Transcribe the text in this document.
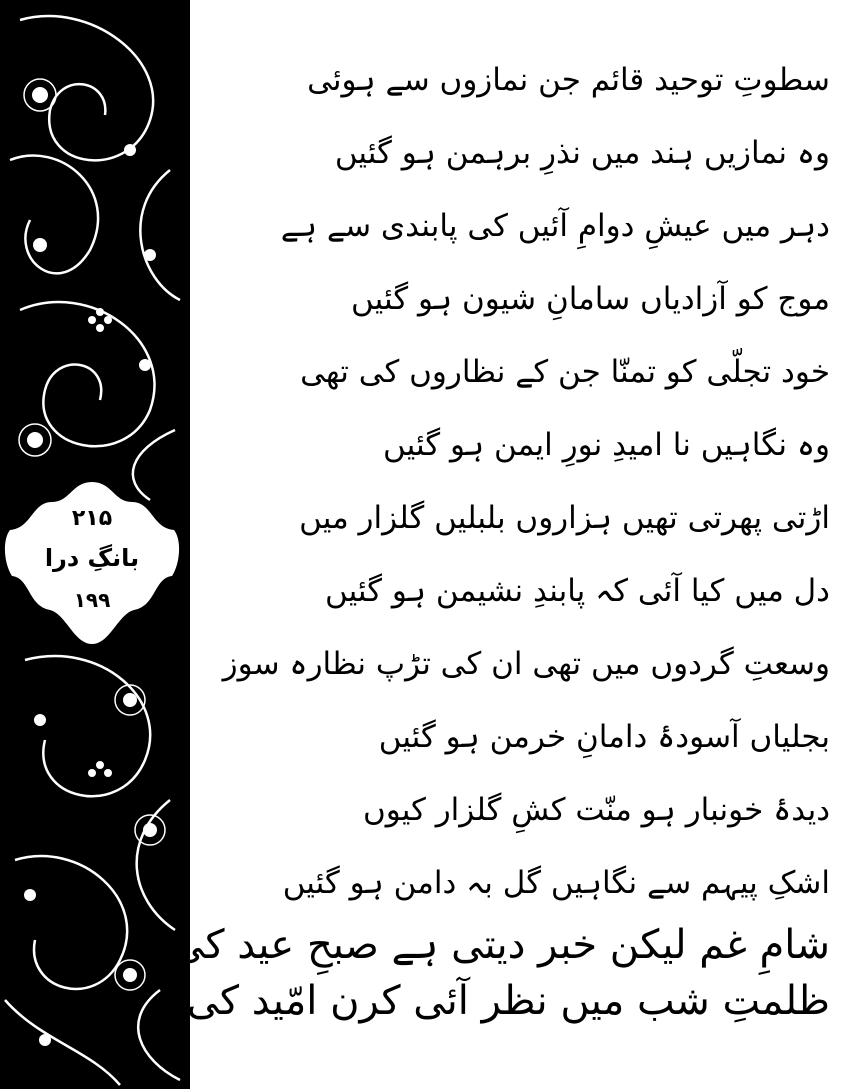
۲۱۵
بانگِ درا
۱۹۹
سطوتِ توحید قائم جن نمازوں سے ہوئی
وہ نمازیں ہند میں نذرِ برہمن ہو گئیں
دہر میں عیشِ دوامِ آئیں کی پابندی سے ہے
موج کو آزادیاں سامانِ شیون ہو گئیں
خود تجلّی کو تمنّا جن کے نظاروں کی تھی
وہ نگاہیں نا امیدِ نورِ ایمن ہو گئیں
اڑتی پھرتی تھیں ہزاروں بلبلیں گلزار میں
دل میں کیا آئی کہ پابندِ نشیمن ہو گئیں
وسعتِ گردوں میں تھی ان کی تڑپ نظارہ سوز
بجلیاں آسودۂ دامانِ خرمن ہو گئیں
دیدۂ خونبار ہو منّت کشِ گلزار کیوں
اشکِ پیہم سے نگاہیں گل بہ دامن ہو گئیں
شامِ غم لیکن خبر دیتی ہے صبحِ عید کی
ظلمتِ شب میں نظر آئی کرن امّید کی
